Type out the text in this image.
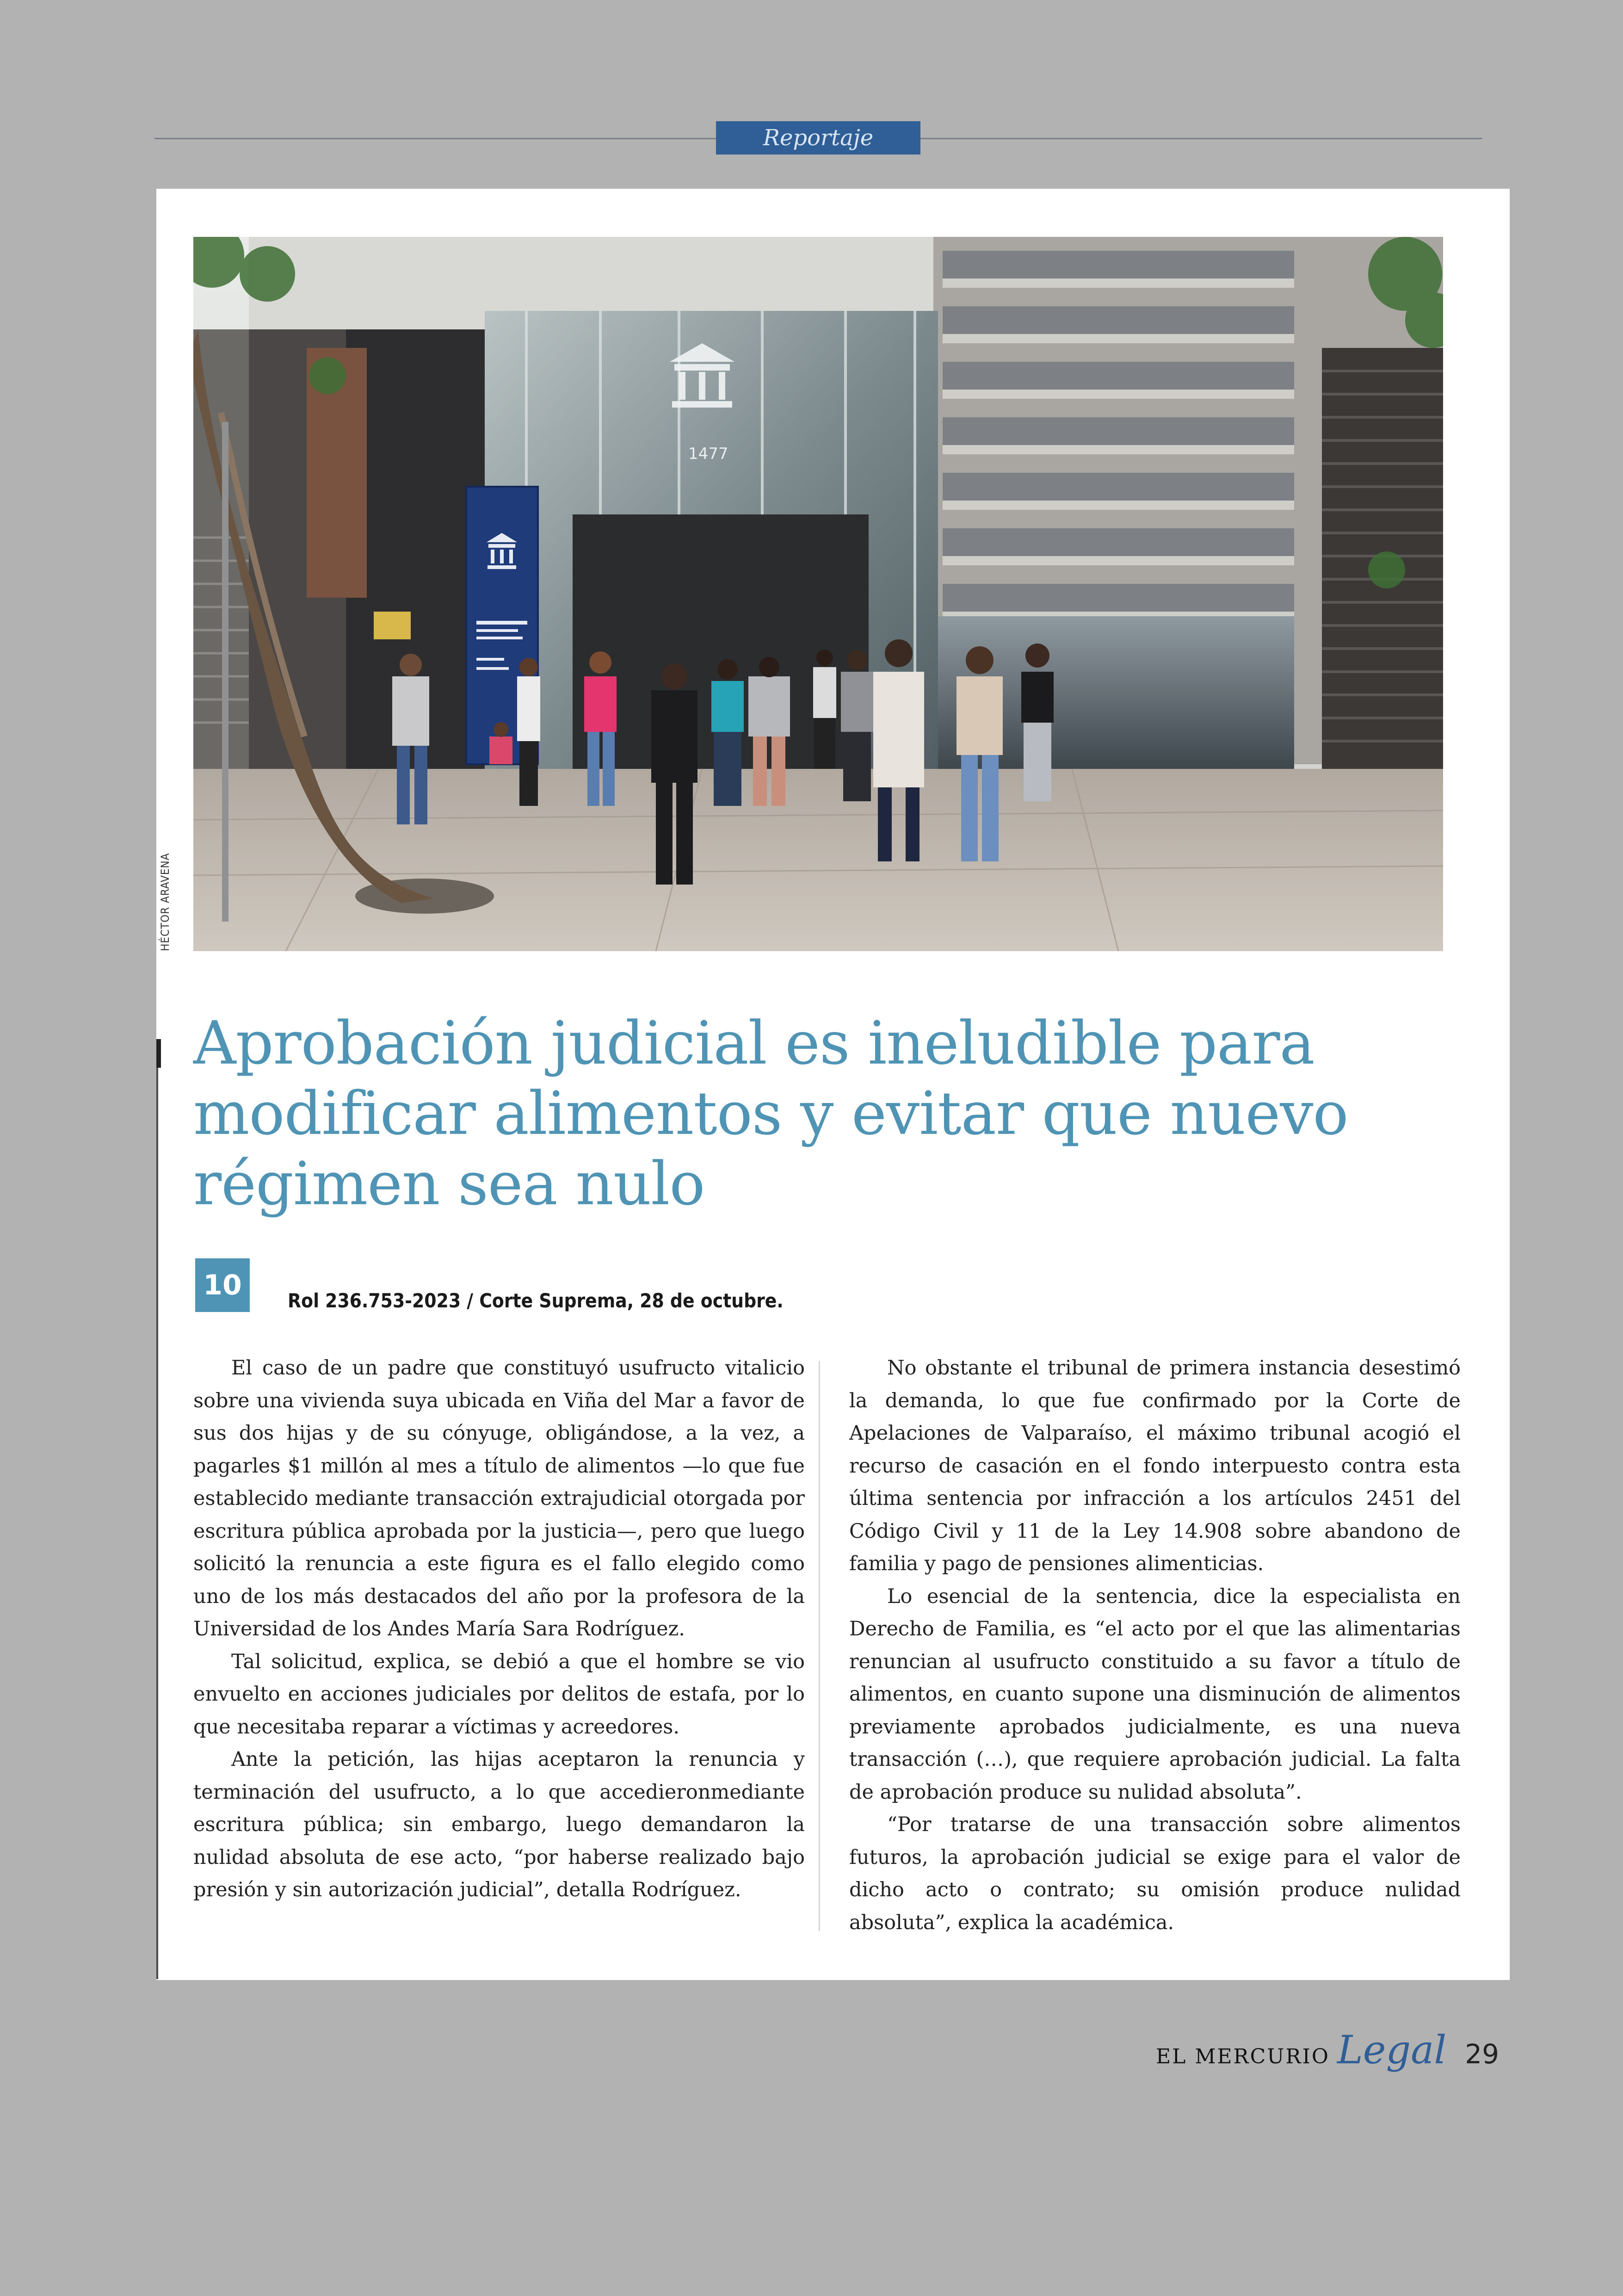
Reportaje
1477
HÉCTOR ARAVENA
Aprobación judicial es ineludible para modificar alimentos y evitar que nuevo régimen sea nulo
10	Rol 236.753-2023 / Corte Suprema, 28 de octubre.

El caso de un padre que constituyó usufructo vitalicio sobre una vivienda suya ubicada en Viña del Mar a favor de sus dos hijas y de su cónyuge, obligándose, a la vez, a pagarles $1 millón al mes a título de alimentos —lo que fue establecido mediante transacción extrajudicial otorgada por escritura pública aprobada por la justicia—, pero que luego solicitó la renuncia a este figura es el fallo elegido como uno de los más destacados del año por la profesora de la Universidad de los Andes María Sara Rodríguez.

Tal solicitud, explica, se debió a que el hombre se vio envuelto en acciones judiciales por delitos de estafa, por lo que necesitaba reparar a víctimas y acreedores.

Ante la petición, las hijas aceptaron la renuncia y terminación del usufructo, a lo que accedieronmediante escritura pública; sin embargo, luego demandaron la nulidad absoluta de ese acto, “por haberse realizado bajo presión y sin autorización judicial”, detalla Rodríguez.

No obstante el tribunal de primera instancia desestimó la demanda, lo que fue confirmado por la Corte de Apelaciones de Valparaíso, el máximo tribunal acogió el recurso de casación en el fondo interpuesto contra esta última sentencia por infracción a los artículos 2451 del Código Civil y 11 de la Ley 14.908 sobre abandono de familia y pago de pensiones alimenticias.

Lo esencial de la sentencia, dice la especialista en Derecho de Familia, es “el acto por el que las alimentarias renuncian al usufructo constituido a su favor a título de alimentos, en cuanto supone una disminución de alimentos previamente aprobados judicialmente, es una nueva transacción (…), que requiere aprobación judicial. La falta de aprobación produce su nulidad absoluta”.

“Por tratarse de una transacción sobre alimentos futuros, la aprobación judicial se exige para el valor de dicho acto o contrato; su omisión produce nulidad absoluta”, explica la académica.

EL MERCURIO Legal 29
